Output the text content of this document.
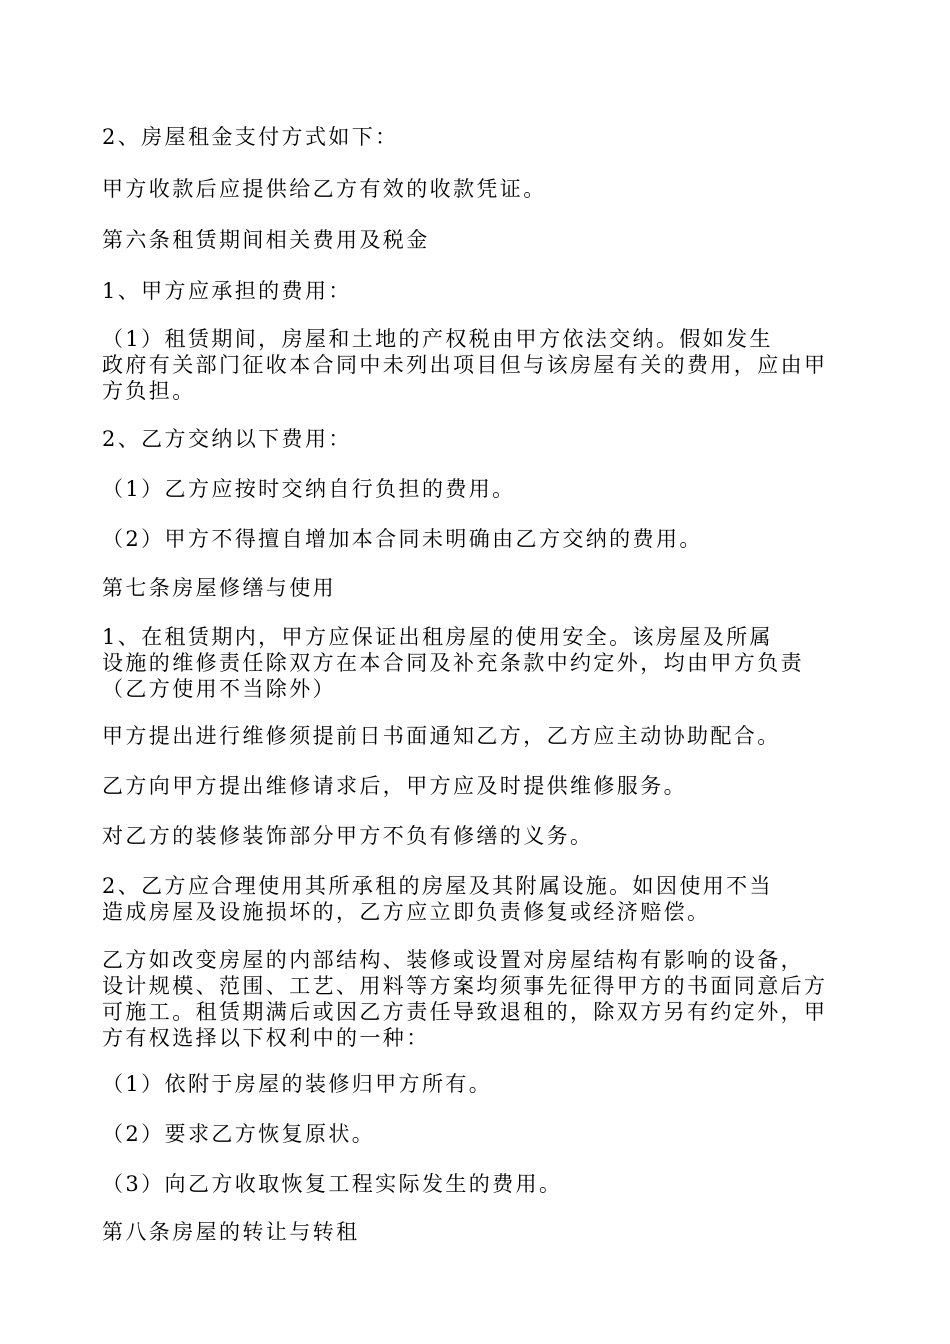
2、房屋租金支付方式如下：
甲方收款后应提供给乙方有效的收款凭证。
第六条租赁期间相关费用及税金
1、甲方应承担的费用：
（1）租赁期间，房屋和土地的产权税由甲方依法交纳。假如发生
政府有关部门征收本合同中未列出项目但与该房屋有关的费用，应由甲
方负担。
2、乙方交纳以下费用：
（1）乙方应按时交纳自行负担的费用。
（2）甲方不得擅自增加本合同未明确由乙方交纳的费用。
第七条房屋修缮与使用
1、在租赁期内，甲方应保证出租房屋的使用安全。该房屋及所属
设施的维修责任除双方在本合同及补充条款中约定外，均由甲方负责
（乙方使用不当除外）
甲方提出进行维修须提前日书面通知乙方，乙方应主动协助配合。
乙方向甲方提出维修请求后，甲方应及时提供维修服务。
对乙方的装修装饰部分甲方不负有修缮的义务。
2、乙方应合理使用其所承租的房屋及其附属设施。如因使用不当
造成房屋及设施损坏的，乙方应立即负责修复或经济赔偿。
乙方如改变房屋的内部结构、装修或设置对房屋结构有影响的设备，
设计规模、范围、工艺、用料等方案均须事先征得甲方的书面同意后方
可施工。租赁期满后或因乙方责任导致退租的，除双方另有约定外，甲
方有权选择以下权利中的一种：
（1）依附于房屋的装修归甲方所有。
（2）要求乙方恢复原状。
（3）向乙方收取恢复工程实际发生的费用。
第八条房屋的转让与转租
